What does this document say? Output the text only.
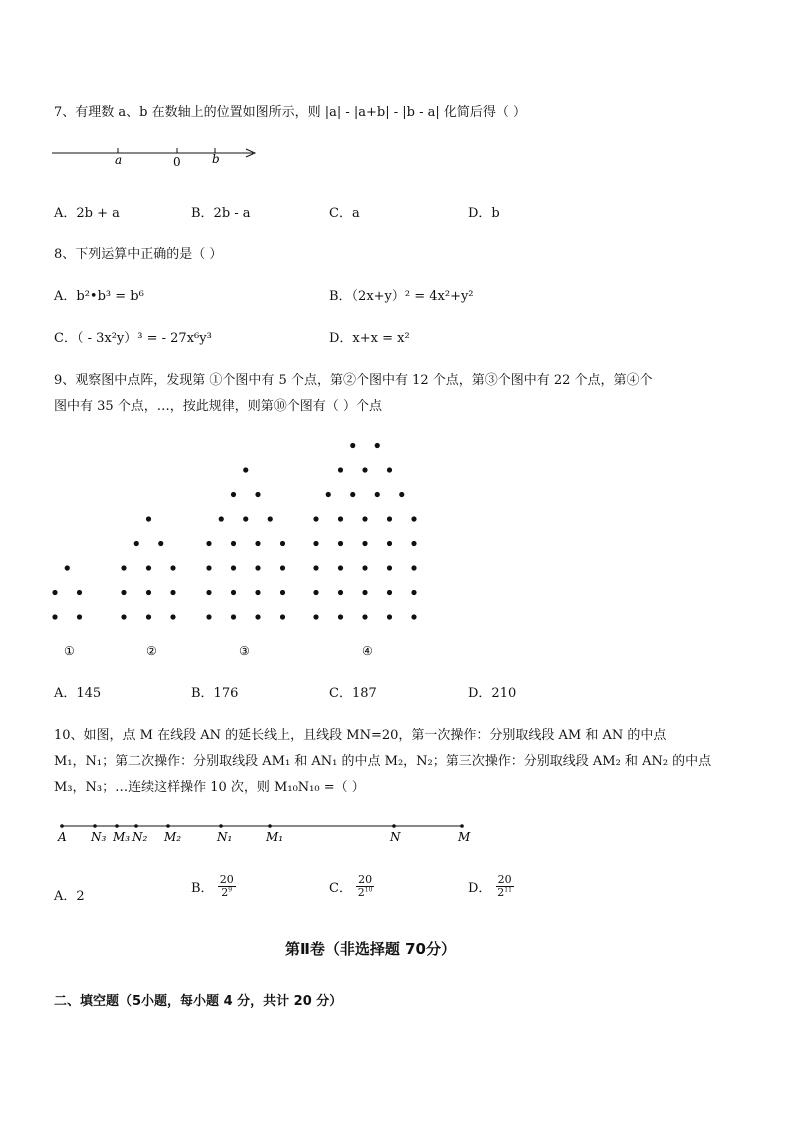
7、有理数 a、b 在数轴上的位置如图所示，则 |a| - |a+b| - |b - a| 化简后得（ ）
a	0	b
A．2b + a	B．2b - a	C．a	D．b
8、下列运算中正确的是（ ）
A．b²•b³ = b⁶	B．（2x+y）² = 4x²+y²
C．（ - 3x²y）³ = - 27x⁶y³	D．x+x = x²
9、观察图中点阵，发现第 ①个图中有 5 个点，第②个图中有 12 个点，第③个图中有 22 个点，第④个
图中有 35 个点，…，按此规律，则第⑩个图有（ ）个点
①	②	③	④
A．145	B．176	C．187	D．210
10、如图，点 M 在线段 AN 的延长线上，且线段 MN=20，第一次操作：分别取线段 AM 和 AN 的中点
M₁，N₁；第二次操作：分别取线段 AM₁ 和 AN₁ 的中点 M₂，N₂；第三次操作：分别取线段 AM₂ 和 AN₂ 的中点
M₃，N₃；…连续这样操作 10 次，则 M₁₀N₁₀ =（ ）
A N₃ M₃ N₂ M₂	N₁	M₁	N	M
A．2
B． $\frac{20}{2^9}$	C． $\frac{20}{2^{10}}$	D． $\frac{20}{2^{11}}$
第Ⅱ卷（非选择题 70分）
二、填空题（5小题，每小题 4 分，共计 20 分）
